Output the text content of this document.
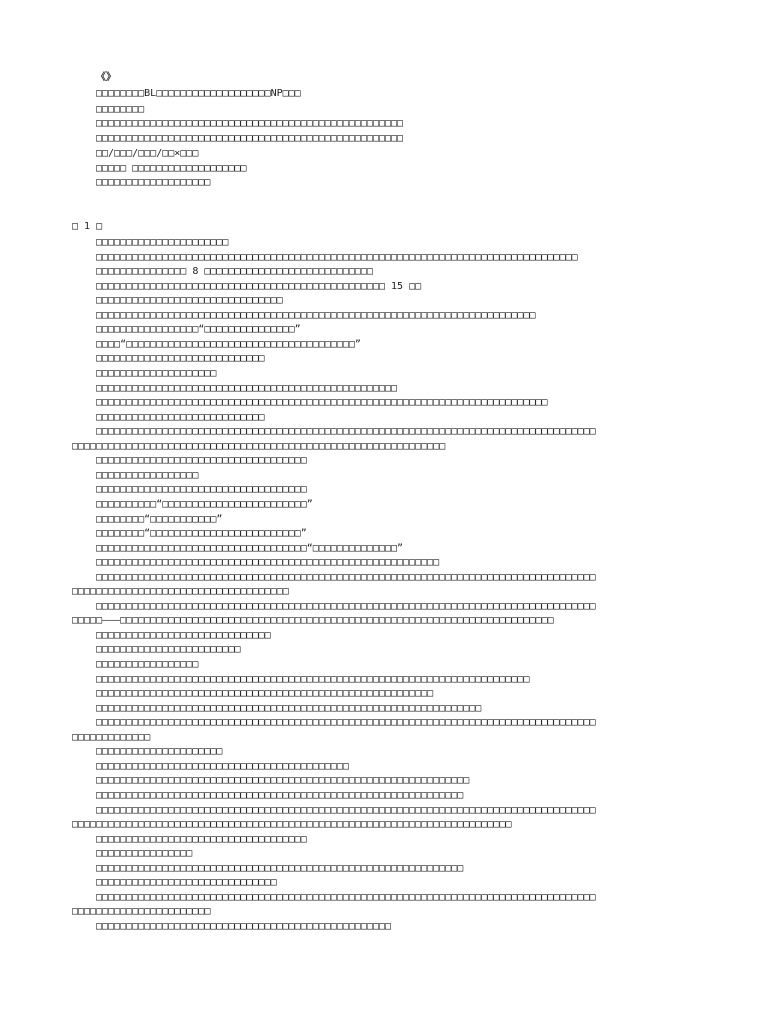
《》
□□□□□□□□BL□□□□□□□□□□□□□□□□□□□NP□□□
□□□□□□□□
□□□□□□□□□□□□□□□□□□□□□□□□□□□□□□□□□□□□□□□□□□□□□□□□□□□
□□□□□□□□□□□□□□□□□□□□□□□□□□□□□□□□□□□□□□□□□□□□□□□□□□□
□□/□□□/□□□/□□×□□□
□□□□□ □□□□□□□□□□□□□□□□□□□
□□□□□□□□□□□□□□□□□□□
□ 1 □
□□□□□□□□□□□□□□□□□□□□□□
□□□□□□□□□□□□□□□□□□□□□□□□□□□□□□□□□□□□□□□□□□□□□□□□□□□□□□□□□□□□□□□□□□□□□□□□□□□□□□□□
□□□□□□□□□□□□□□□ 8 □□□□□□□□□□□□□□□□□□□□□□□□□□□□
□□□□□□□□□□□□□□□□□□□□□□□□□□□□□□□□□□□□□□□□□□□□□□□□ 15 □□
□□□□□□□□□□□□□□□□□□□□□□□□□□□□□□□
□□□□□□□□□□□□□□□□□□□□□□□□□□□□□□□□□□□□□□□□□□□□□□□□□□□□□□□□□□□□□□□□□□□□□□□□□
□□□□□□□□□□□□□□□□□“□□□□□□□□□□□□□□□”
□□□□“□□□□□□□□□□□□□□□□□□□□□□□□□□□□□□□□□□□□□□”
□□□□□□□□□□□□□□□□□□□□□□□□□□□□
□□□□□□□□□□□□□□□□□□□□
□□□□□□□□□□□□□□□□□□□□□□□□□□□□□□□□□□□□□□□□□□□□□□□□□□
□□□□□□□□□□□□□□□□□□□□□□□□□□□□□□□□□□□□□□□□□□□□□□□□□□□□□□□□□□□□□□□□□□□□□□□□□□□
□□□□□□□□□□□□□□□□□□□□□□□□□□□□
□□□□□□□□□□□□□□□□□□□□□□□□□□□□□□□□□□□□□□□□□□□□□□□□□□□□□□□□□□□□□□□□□□□□□□□□□□□□□□□□□□□
□□□□□□□□□□□□□□□□□□□□□□□□□□□□□□□□□□□□□□□□□□□□□□□□□□□□□□□□□□□□□□
□□□□□□□□□□□□□□□□□□□□□□□□□□□□□□□□□□□
□□□□□□□□□□□□□□□□□
□□□□□□□□□□□□□□□□□□□□□□□□□□□□□□□□□□□
□□□□□□□□□□“□□□□□□□□□□□□□□□□□□□□□□□□”
□□□□□□□□“□□□□□□□□□□□”
□□□□□□□□“□□□□□□□□□□□□□□□□□□□□□□□□□”
□□□□□□□□□□□□□□□□□□□□□□□□□□□□□□□□□□□“□□□□□□□□□□□□□□”
□□□□□□□□□□□□□□□□□□□□□□□□□□□□□□□□□□□□□□□□□□□□□□□□□□□□□□□□□
□□□□□□□□□□□□□□□□□□□□□□□□□□□□□□□□□□□□□□□□□□□□□□□□□□□□□□□□□□□□□□□□□□□□□□□□□□□□□□□□□□□
□□□□□□□□□□□□□□□□□□□□□□□□□□□□□□□□□□□□
□□□□□□□□□□□□□□□□□□□□□□□□□□□□□□□□□□□□□□□□□□□□□□□□□□□□□□□□□□□□□□□□□□□□□□□□□□□□□□□□□□□
□□□□□———□□□□□□□□□□□□□□□□□□□□□□□□□□□□□□□□□□□□□□□□□□□□□□□□□□□□□□□□□□□□□□□□□□□□□□□□
□□□□□□□□□□□□□□□□□□□□□□□□□□□□□
□□□□□□□□□□□□□□□□□□□□□□□□
□□□□□□□□□□□□□□□□□
□□□□□□□□□□□□□□□□□□□□□□□□□□□□□□□□□□□□□□□□□□□□□□□□□□□□□□□□□□□□□□□□□□□□□□□□
□□□□□□□□□□□□□□□□□□□□□□□□□□□□□□□□□□□□□□□□□□□□□□□□□□□□□□□□
□□□□□□□□□□□□□□□□□□□□□□□□□□□□□□□□□□□□□□□□□□□□□□□□□□□□□□□□□□□□□□□□
□□□□□□□□□□□□□□□□□□□□□□□□□□□□□□□□□□□□□□□□□□□□□□□□□□□□□□□□□□□□□□□□□□□□□□□□□□□□□□□□□□□
□□□□□□□□□□□□□
□□□□□□□□□□□□□□□□□□□□□
□□□□□□□□□□□□□□□□□□□□□□□□□□□□□□□□□□□□□□□□□□
□□□□□□□□□□□□□□□□□□□□□□□□□□□□□□□□□□□□□□□□□□□□□□□□□□□□□□□□□□□□□□
□□□□□□□□□□□□□□□□□□□□□□□□□□□□□□□□□□□□□□□□□□□□□□□□□□□□□□□□□□□□□
□□□□□□□□□□□□□□□□□□□□□□□□□□□□□□□□□□□□□□□□□□□□□□□□□□□□□□□□□□□□□□□□□□□□□□□□□□□□□□□□□□□
□□□□□□□□□□□□□□□□□□□□□□□□□□□□□□□□□□□□□□□□□□□□□□□□□□□□□□□□□□□□□□□□□□□□□□□□□
□□□□□□□□□□□□□□□□□□□□□□□□□□□□□□□□□□□
□□□□□□□□□□□□□□□□
□□□□□□□□□□□□□□□□□□□□□□□□□□□□□□□□□□□□□□□□□□□□□□□□□□□□□□□□□□□□□
□□□□□□□□□□□□□□□□□□□□□□□□□□□□□□
□□□□□□□□□□□□□□□□□□□□□□□□□□□□□□□□□□□□□□□□□□□□□□□□□□□□□□□□□□□□□□□□□□□□□□□□□□□□□□□□□□□
□□□□□□□□□□□□□□□□□□□□□□□
□□□□□□□□□□□□□□□□□□□□□□□□□□□□□□□□□□□□□□□□□□□□□□□□□
